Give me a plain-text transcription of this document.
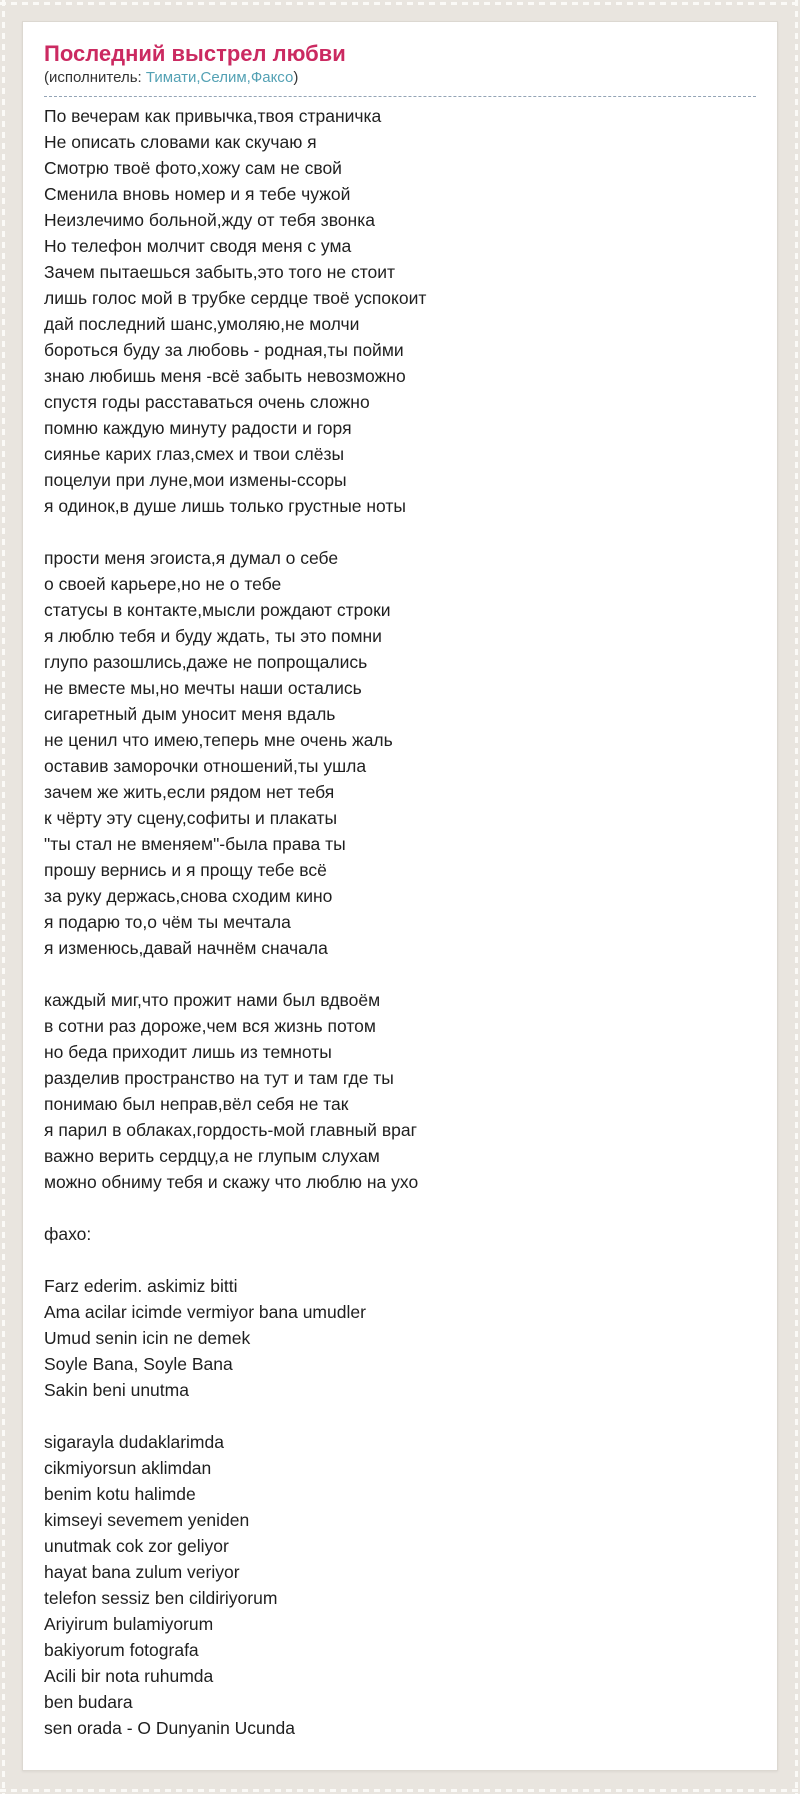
Последний выстрел любви
(исполнитель: Тимати,Селим,Факсо)
По вечерам как привычка,твоя страничка
Не описать словами как скучаю я
Смотрю твоё фото,хожу сам не свой
Сменила вновь номер и я тебе чужой
Неизлечимо больной,жду от тебя звонка
Но телефон молчит сводя меня с ума
Зачем пытаешься забыть,это того не стоит
лишь голос мой в трубке сердце твоё успокоит
дай последний шанс,умоляю,не молчи
бороться буду за любовь - родная,ты пойми
знаю любишь меня -всё забыть невозможно
спустя годы расставаться очень сложно
помню каждую минуту радости и горя
сиянье карих глаз,смех и твои слёзы
поцелуи при луне,мои измены-ссоры
я одинок,в душе лишь только грустные ноты
прости меня эгоиста,я думал о себе
о своей карьере,но не о тебе
статусы в контакте,мысли рождают строки
я люблю тебя и буду ждать, ты это помни
глупо разошлись,даже не попрощались
не вместе мы,но мечты наши остались
сигаретный дым уносит меня вдаль
не ценил что имею,теперь мне очень жаль
оставив заморочки отношений,ты ушла
зачем же жить,если рядом нет тебя
к чёрту эту сцену,софиты и плакаты
"ты стал не вменяем"-была права ты
прошу вернись и я прощу тебе всё
за руку держась,снова сходим кино
я подарю то,о чём ты мечтала
я изменюсь,давай начнём сначала
каждый миг,что прожит нами был вдвоём
в сотни раз дороже,чем вся жизнь потом
но беда приходит лишь из темноты
разделив пространство на тут и там где ты
понимаю был неправ,вёл себя не так
я парил в облаках,гордость-мой главный враг
важно верить сердцу,а не глупым слухам
можно обниму тебя и скажу что люблю на ухо
фахо:
Farz ederim. askimiz bitti
Ama acilar icimde vermiyor bana umudler
Umud senin icin ne demek
Soyle Bana, Soyle Bana
Sakin beni unutma
sigarayla dudaklarimda
cikmiyorsun aklimdan
benim kotu halimde
kimseyi sevemem yeniden
unutmak cok zor geliyor
hayat bana zulum veriyor
telefon sessiz ben cildiriyorum
Ariyirum bulamiyorum
bakiyorum fotografa
Acili bir nota ruhumda
ben budara
sen orada - O Dunyanin Ucunda
